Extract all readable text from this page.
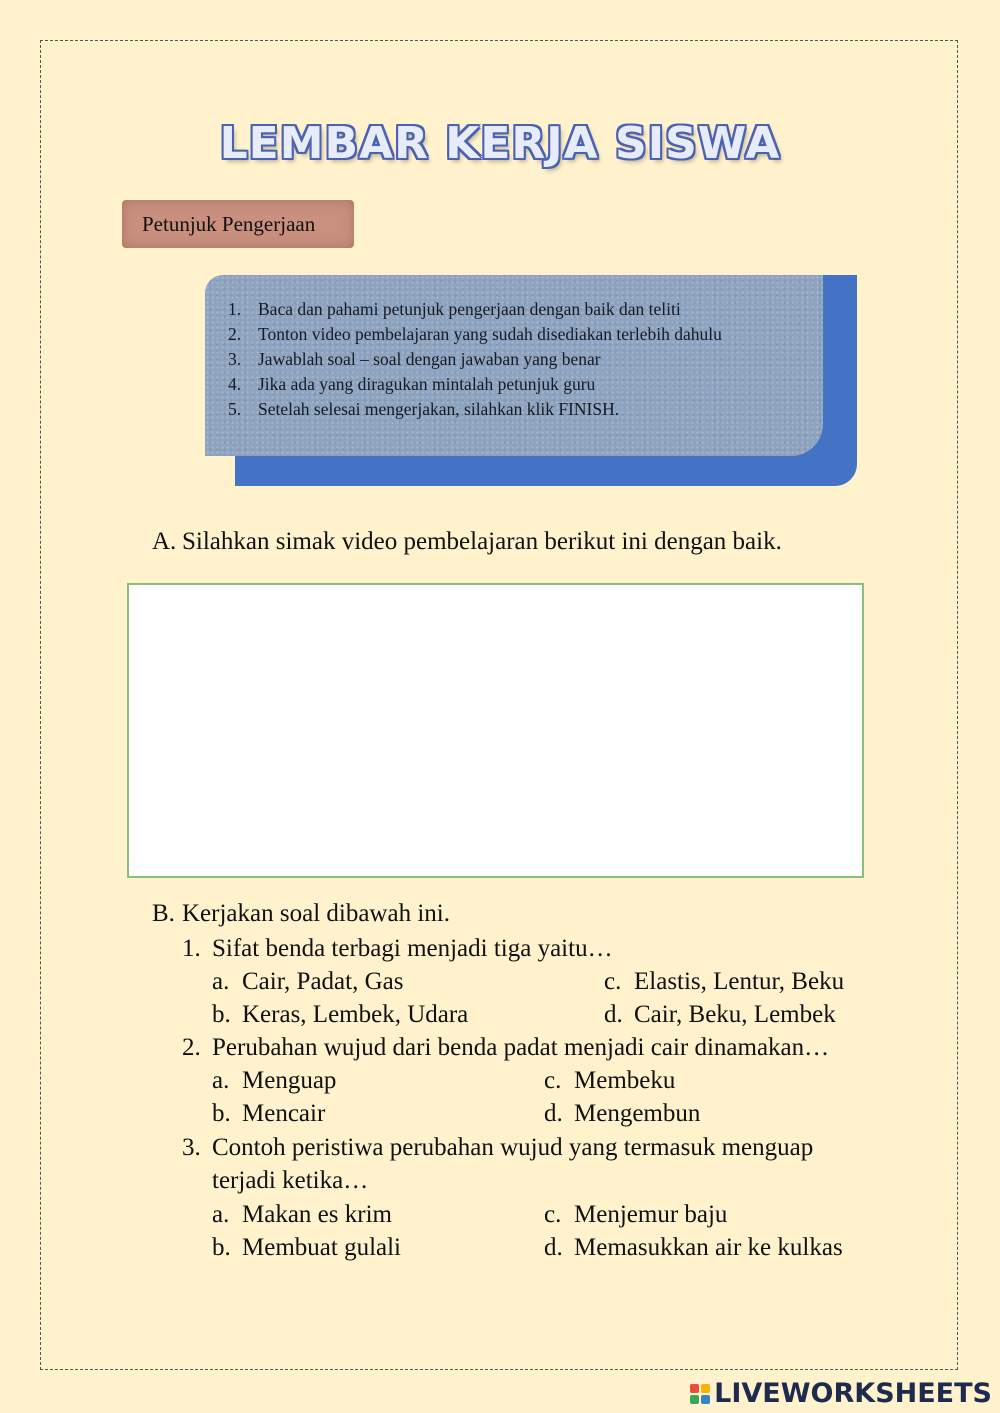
LEMBAR KERJA SISWA
Petunjuk Pengerjaan
1. Baca dan pahami petunjuk pengerjaan dengan baik dan teliti
2. Tonton video pembelajaran yang sudah disediakan terlebih dahulu
3. Jawablah soal – soal dengan jawaban yang benar
4. Jika ada yang diragukan mintalah petunjuk guru
5. Setelah selesai mengerjakan, silahkan klik FINISH.
A. Silahkan simak video pembelajaran berikut ini dengan baik.
B. Kerjakan soal dibawah ini.
1. Sifat benda terbagi menjadi tiga yaitu…
a. Cair, Padat, Gas	c. Elastis, Lentur, Beku
b. Keras, Lembek, Udara	d. Cair, Beku, Lembek
2. Perubahan wujud dari benda padat menjadi cair dinamakan…
a. Menguap	c. Membeku
b. Mencair	d. Mengembun
3. Contoh peristiwa perubahan wujud yang termasuk menguap
terjadi ketika…
a. Makan es krim	c. Menjemur baju
b. Membuat gulali	d. Memasukkan air ke kulkas
LIVEWORKSHEETS
